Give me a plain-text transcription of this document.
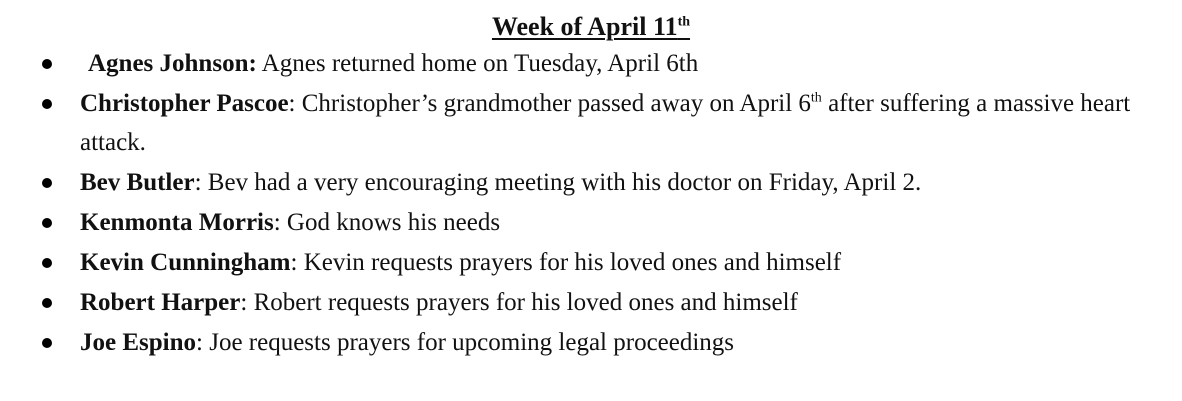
Week of April 11th
Agnes Johnson: Agnes returned home on Tuesday, April 6th
Christopher Pascoe: Christopher’s grandmother passed away on April 6th after suffering a massive heart attack.
Bev Butler: Bev had a very encouraging meeting with his doctor on Friday, April 2.
Kenmonta Morris: God knows his needs
Kevin Cunningham: Kevin requests prayers for his loved ones and himself
Robert Harper: Robert requests prayers for his loved ones and himself
Joe Espino: Joe requests prayers for upcoming legal proceedings
